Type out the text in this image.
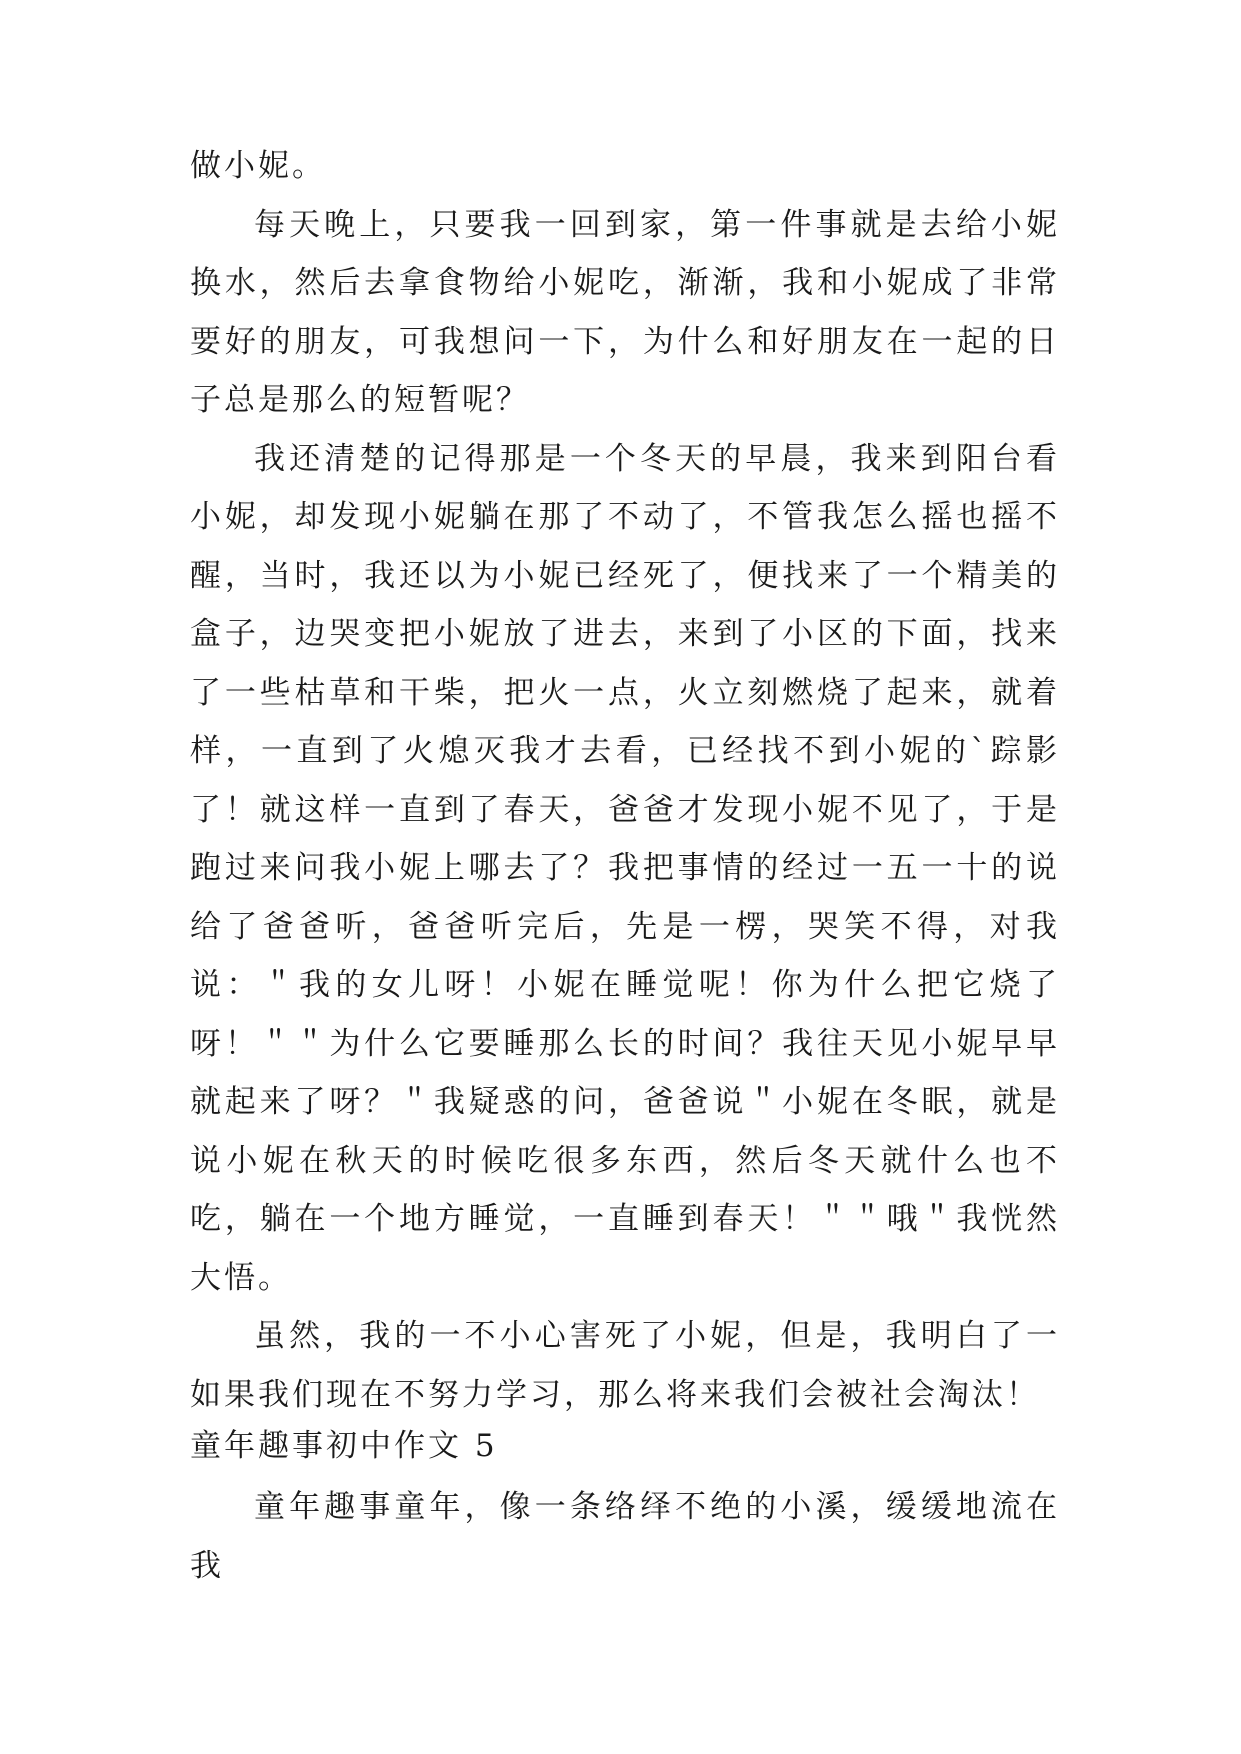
做小妮。

每天晚上，只要我一回到家，第一件事就是去给小妮换水，然后去拿食物给小妮吃，渐渐，我和小妮成了非常要好的朋友，可我想问一下，为什么和好朋友在一起的日子总是那么的短暂呢？

我还清楚的记得那是一个冬天的早晨，我来到阳台看小妮，却发现小妮躺在那了不动了，不管我怎么摇也摇不醒，当时，我还以为小妮已经死了，便找来了一个精美的盒子，边哭变把小妮放了进去，来到了小区的下面，找来了一些枯草和干柴，把火一点，火立刻燃烧了起来，就着样，一直到了火熄灭我才去看，已经找不到小妮的`踪影了！就这样一直到了春天，爸爸才发现小妮不见了，于是跑过来问我小妮上哪去了？我把事情的经过一五一十的说给了爸爸听，爸爸听完后，先是一楞，哭笑不得，对我说：＂我的女儿呀！小妮在睡觉呢！你为什么把它烧了呀！＂＂为什么它要睡那么长的时间？我往天见小妮早早就起来了呀？＂我疑惑的问，爸爸说＂小妮在冬眠，就是说小妮在秋天的时候吃很多东西，然后冬天就什么也不吃，躺在一个地方睡觉，一直睡到春天！＂＂哦＂我恍然大悟。

虽然，我的一不小心害死了小妮，但是，我明白了一如果我们现在不努力学习，那么将来我们会被社会淘汰！

童年趣事初中作文 5

童年趣事童年，像一条络绎不绝的小溪，缓缓地流在我
